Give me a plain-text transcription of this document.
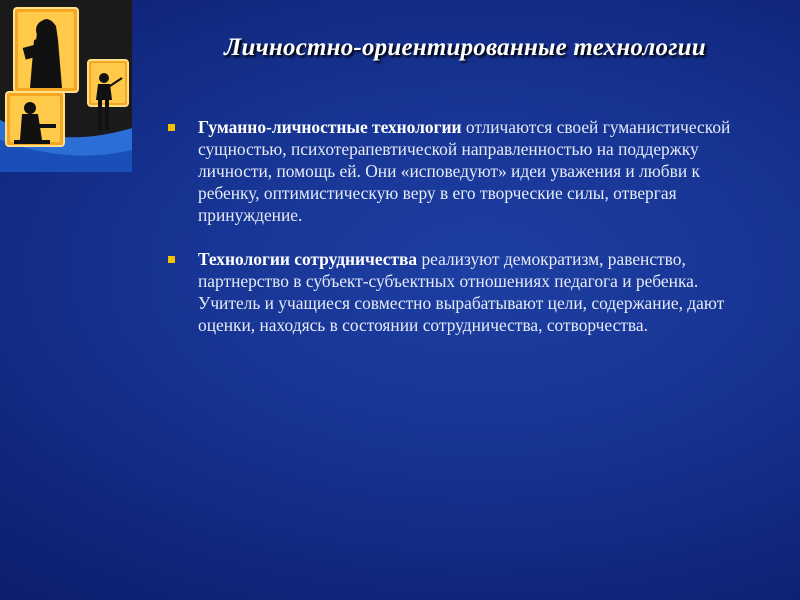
Личностно-ориентированные технологии
Гуманно-личностные технологии отличаются своей гуманистической сущностью, психотерапевтической направленностью на поддержку личности, помощь ей. Они «исповедуют» идеи уважения и любви к ребенку, оптимистическую веру в его творческие силы, отвергая принуждение.
Технологии сотрудничества реализуют демократизм, равенство, партнерство в субъект-субъектных отношениях педагога и ребенка. Учитель и учащиеся совместно вырабатывают цели, содержание, дают оценки, находясь в состоянии сотрудничества, сотворчества.
